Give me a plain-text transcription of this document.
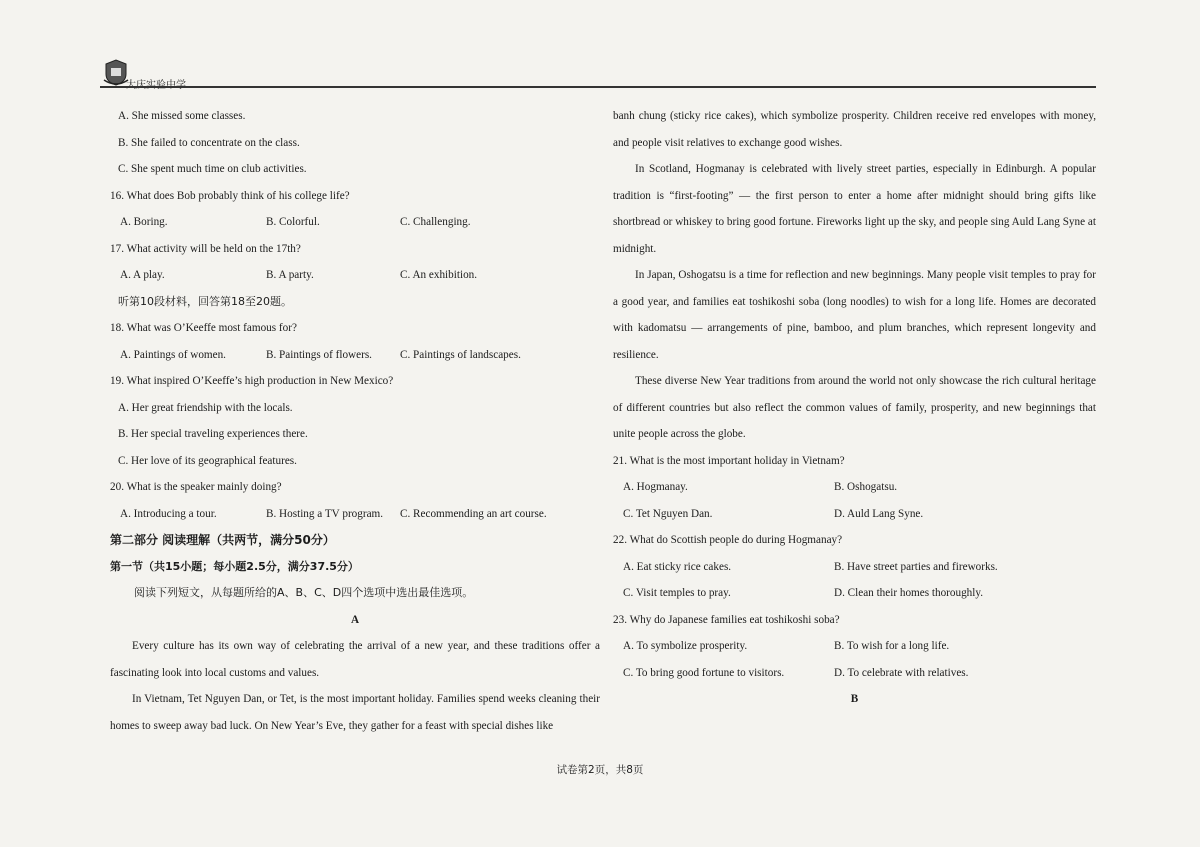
A. She missed some classes.
B. She failed to concentrate on the class.
C. She spent much time on club activities.
16. What does Bob probably think of his college life?
A. Boring.	B. Colorful.	C. Challenging.
17. What activity will be held on the 17th?
A. A play.	B. A party.	C. An exhibition.
听第10段材料，回答第18至20题。
18. What was O’Keeffe most famous for?
A. Paintings of women.	B. Paintings of flowers.	C. Paintings of landscapes.
19. What inspired O’Keeffe’s high production in New Mexico?
A. Her great friendship with the locals.
B. Her special traveling experiences there.
C. Her love of its geographical features.
20. What is the speaker mainly doing?
A. Introducing a tour.	B. Hosting a TV program.	C. Recommending an art course.
第二部分 阅读理解（共两节，满分50分）
第一节（共15小题；每小题2.5分，满分37.5分）
阅读下列短文，从每题所给的A、B、C、D四个选项中选出最佳选项。
A
Every culture has its own way of celebrating the arrival of a new year, and these traditions offer a fascinating look into local customs and values.
In Vietnam, Tet Nguyen Dan, or Tet, is the most important holiday. Families spend weeks cleaning their homes to sweep away bad luck. On New Year’s Eve, they gather for a feast with special dishes like
banh chung (sticky rice cakes), which symbolize prosperity. Children receive red envelopes with money, and people visit relatives to exchange good wishes.
In Scotland, Hogmanay is celebrated with lively street parties, especially in Edinburgh. A popular tradition is “first-footing” — the first person to enter a home after midnight should bring gifts like shortbread or whiskey to bring good fortune. Fireworks light up the sky, and people sing Auld Lang Syne at midnight.
In Japan, Oshogatsu is a time for reflection and new beginnings. Many people visit temples to pray for a good year, and families eat toshikoshi soba (long noodles) to wish for a long life. Homes are decorated with kadomatsu — arrangements of pine, bamboo, and plum branches, which represent longevity and resilience.
These diverse New Year traditions from around the world not only showcase the rich cultural heritage of different countries but also reflect the common values of family, prosperity, and new beginnings that unite people across the globe.
21. What is the most important holiday in Vietnam?
A. Hogmanay.	B. Oshogatsu.
C. Tet Nguyen Dan.	D. Auld Lang Syne.
22. What do Scottish people do during Hogmanay?
A. Eat sticky rice cakes.	B. Have street parties and fireworks.
C. Visit temples to pray.	D. Clean their homes thoroughly.
23. Why do Japanese families eat toshikoshi soba?
A. To symbolize prosperity.	B. To wish for a long life.
C. To bring good fortune to visitors.	D. To celebrate with relatives.
B
试卷第2页，共8页
